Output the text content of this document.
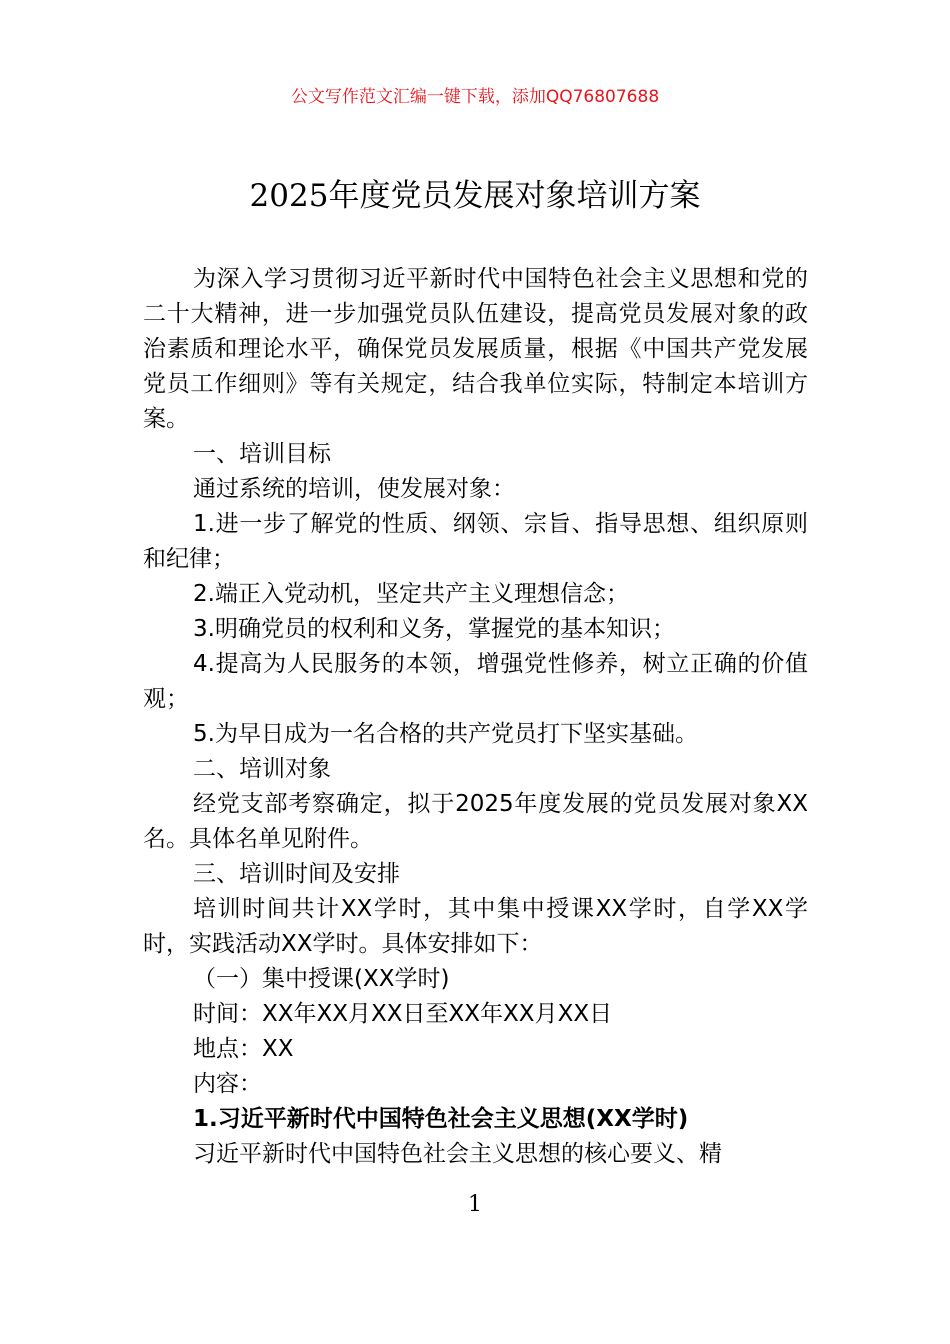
公文写作范文汇编一键下载，添加QQ76807688
2025年度党员发展对象培训方案

为深入学习贯彻习近平新时代中国特色社会主义思想和党的二十大精神，进一步加强党员队伍建设，提高党员发展对象的政治素质和理论水平，确保党员发展质量，根据《中国共产党发展党员工作细则》等有关规定，结合我单位实际，特制定本培训方案。

一、培训目标

通过系统的培训，使发展对象：

1.进一步了解党的性质、纲领、宗旨、指导思想、组织原则和纪律；

2.端正入党动机，坚定共产主义理想信念；

3.明确党员的权利和义务，掌握党的基本知识；

4.提高为人民服务的本领，增强党性修养，树立正确的价值观；

5.为早日成为一名合格的共产党员打下坚实基础。

二、培训对象

经党支部考察确定，拟于2025年度发展的党员发展对象XX名。具体名单见附件。

三、培训时间及安排

培训时间共计XX学时，其中集中授课XX学时，自学XX学时，实践活动XX学时。具体安排如下：

（一）集中授课(XX学时)

时间：XX年XX月XX日至XX年XX月XX日

地点：XX

内容：

1.习近平新时代中国特色社会主义思想(XX学时)

习近平新时代中国特色社会主义思想的核心要义、精

1
